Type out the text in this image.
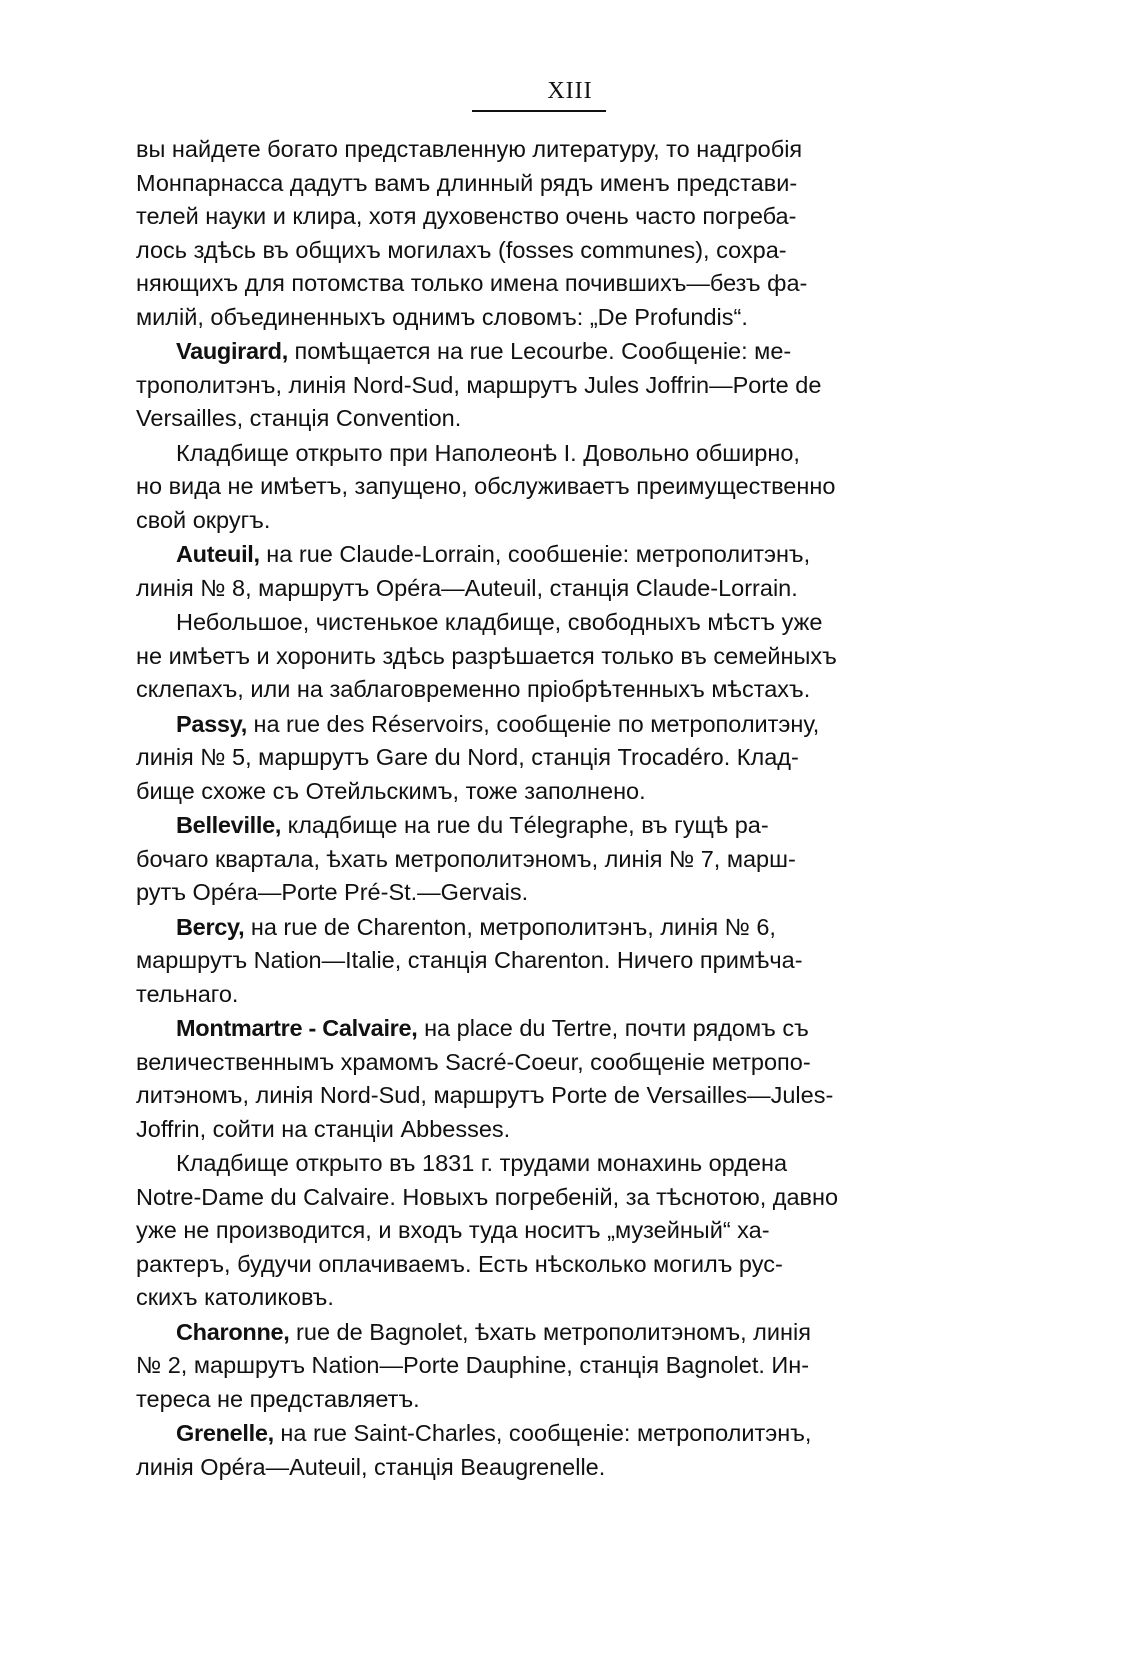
XIII

вы найдете богато представленную литературу, то надгробія
Монпарнасса дадутъ вамъ длинный рядъ именъ представи-
телей науки и клира, хотя духовенство очень часто погреба-
лось здѣсь въ общихъ могилахъ (fosses communes), сохра-
няющихъ для потомства только имена почившихъ—безъ фа-
милій, объединенныхъ однимъ словомъ: „De Profundis“.

Vaugirard, помѣщается на rue Lecourbe. Сообщеніе: ме-
трополитэнъ, линія Nord-Sud, маршрутъ Jules Joffrin—Porte de
Versailles, станція Convention.

Кладбище открыто при Наполеонѣ I. Довольно обширно,
но вида не имѣетъ, запущено, обслуживаетъ преимущественно
свой округъ.

Auteuil, на rue Claude-Lorrain, сообшеніе: метрополитэнъ,
линія № 8, маршрутъ Opéra—Auteuil, станція Claude-Lorrain.

Небольшое, чистенькое кладбище, свободныхъ мѣстъ уже
не имѣетъ и хоронить здѣсь разрѣшается только въ семейныхъ
склепахъ, или на заблаговременно пріобрѣтенныхъ мѣстахъ.

Passy, на rue des Réservoirs, сообщеніе по метрополитэну,
линія № 5, маршрутъ Gare du Nord, станція Trocadéro. Клад-
бище схоже съ Отейльскимъ, тоже заполнено.

Belleville, кладбище на rue du Télegraphe, въ гущѣ ра-
бочаго квартала, ѣхать метрополитэномъ, линія № 7, марш-
рутъ Opéra—Porte Pré-St.—Gervais.

Bercy, на rue de Charenton, метрополитэнъ, линія № 6,
маршрутъ Nation—Italie, станція Charenton. Ничего примѣча-
тельнаго.

Montmartre - Calvaire, на place du Tertre, почти рядомъ съ
величественнымъ храмомъ Sacré-Coeur, сообщеніе метропо-
литэномъ, линія Nord-Sud, маршрутъ Porte de Versailles—Jules-
Joffrin, сойти на станціи Abbesses.

Кладбище открыто въ 1831 г. трудами монахинь ордена
Notre-Dame du Calvaire. Новыхъ погребеній, за тѣснотою, давно
уже не производится, и входъ туда носитъ „музейный“ ха-
рактеръ, будучи оплачиваемъ. Есть нѣсколько могилъ рус-
скихъ католиковъ.

Charonne, rue de Bagnolet, ѣхать метрополитэномъ, линія
№ 2, маршрутъ Nation—Porte Dauphine, станція Bagnolet. Ин-
тереса не представляетъ.

Grenelle, на rue Saint-Charles, сообщеніе: метрополитэнъ,
линія Opéra—Auteuil, станція Beaugrenelle.
